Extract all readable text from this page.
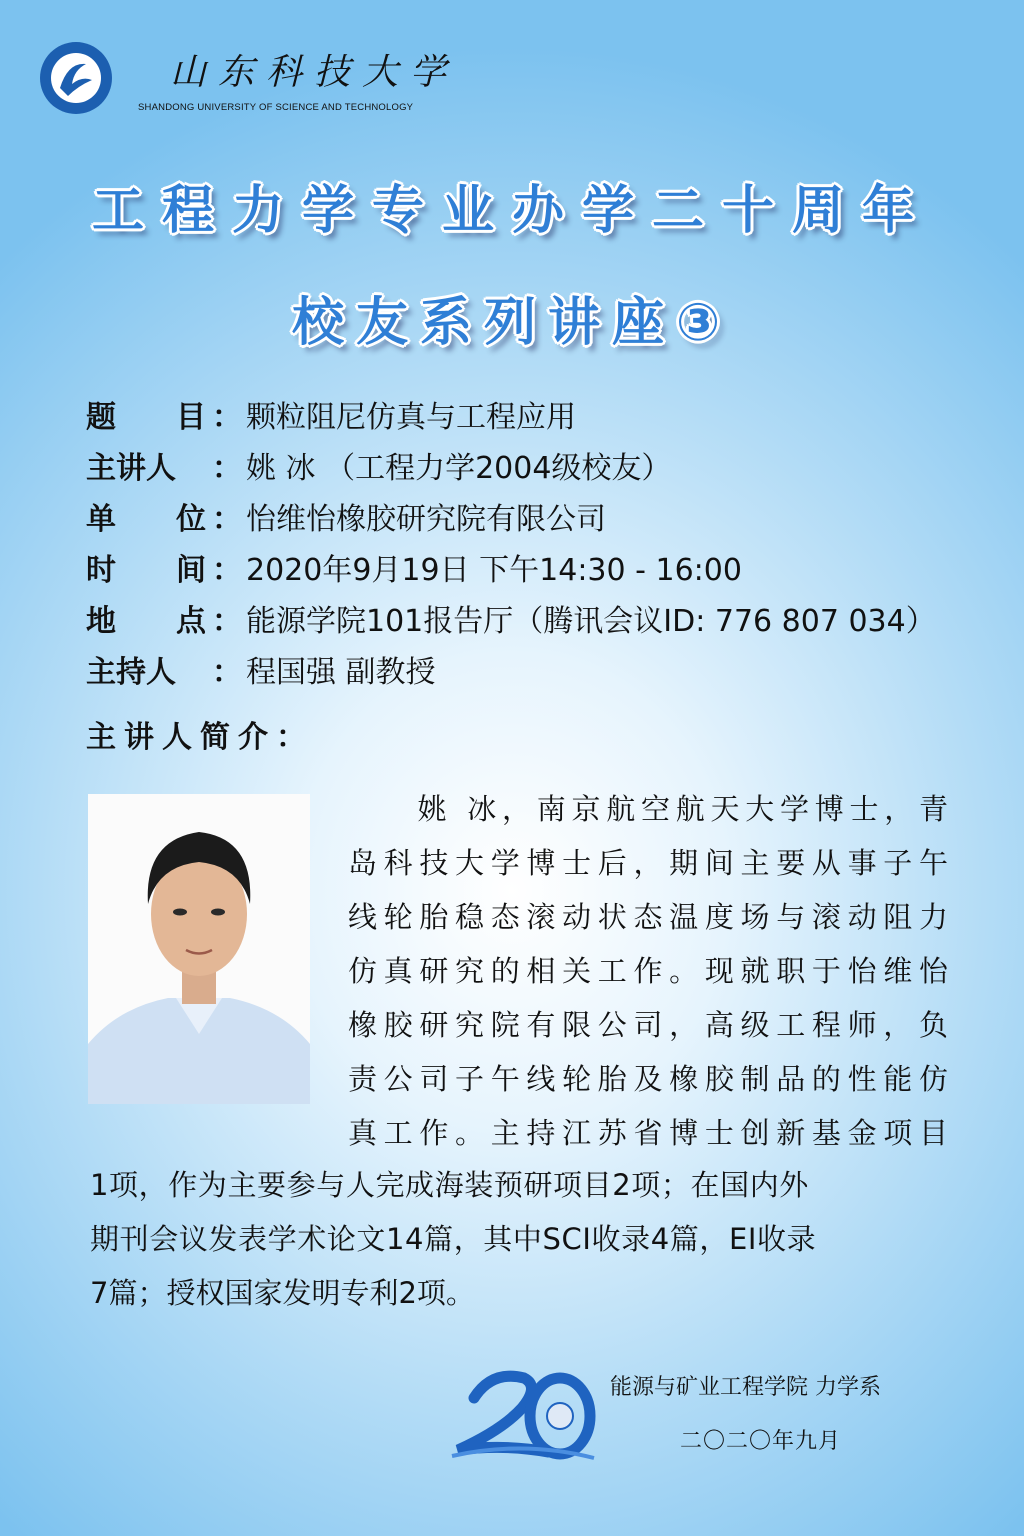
山东科技大学
SHANDONG UNIVERSITY OF SCIENCE AND TECHNOLOGY
工程力学专业办学二十周年
校友系列讲座③
题 目 ： 颗粒阻尼仿真与工程应用
主讲人 ： 姚 冰 （工程力学2004级校友）
单 位 ： 怡维怡橡胶研究院有限公司
时 间 ： 2020年9月19日 下午14:30 - 16:00
地 点 ： 能源学院101报告厅（腾讯会议ID: 776 807 034）
主持人 ： 程国强 副教授
主讲人简介：
　　姚 冰，南京航空航天大学博士，青
岛科技大学博士后，期间主要从事子午
线轮胎稳态滚动状态温度场与滚动阻力
仿真研究的相关工作。现就职于怡维怡
橡胶研究院有限公司，高级工程师，负
责公司子午线轮胎及橡胶制品的性能仿
真工作。主持江苏省博士创新基金项目
1项，作为主要参与人完成海装预研项目2项；在国内外
期刊会议发表学术论文14篇，其中SCI收录4篇，EI收录
7篇；授权国家发明专利2项。
能源与矿业工程学院 力学系
二〇二〇年九月
